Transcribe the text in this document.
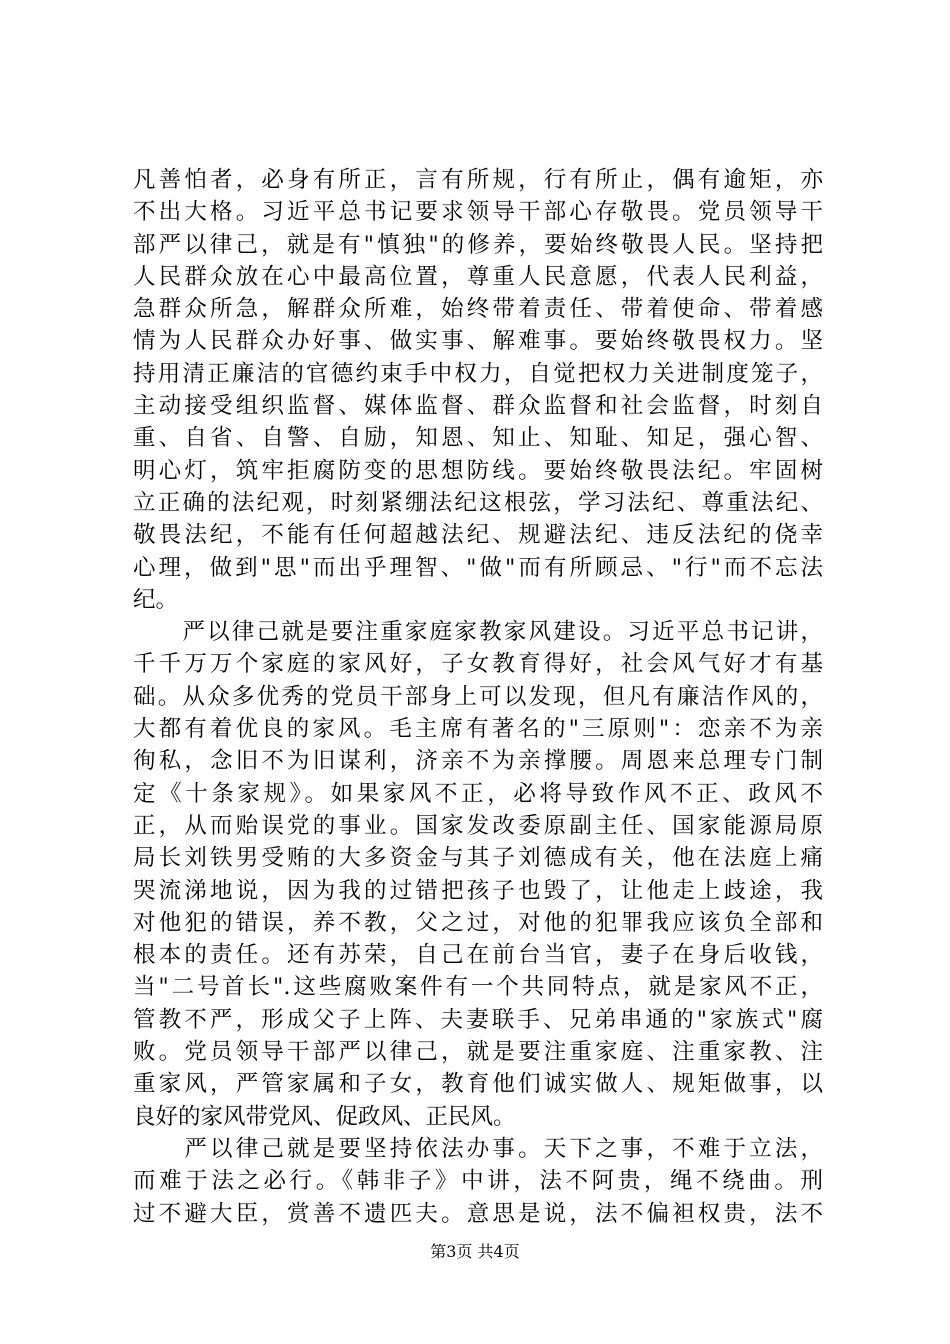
凡善怕者，必身有所正，言有所规，行有所止，偶有逾矩，亦
不出大格。习近平总书记要求领导干部心存敬畏。党员领导干
部严以律己，就是有"慎独"的修养，要始终敬畏人民。坚持把
人民群众放在心中最高位置，尊重人民意愿，代表人民利益，
急群众所急，解群众所难，始终带着责任、带着使命、带着感
情为人民群众办好事、做实事、解难事。要始终敬畏权力。坚
持用清正廉洁的官德约束手中权力，自觉把权力关进制度笼子，
主动接受组织监督、媒体监督、群众监督和社会监督，时刻自
重、自省、自警、自励，知恩、知止、知耻、知足，强心智、
明心灯，筑牢拒腐防变的思想防线。要始终敬畏法纪。牢固树
立正确的法纪观，时刻紧绷法纪这根弦，学习法纪、尊重法纪、
敬畏法纪，不能有任何超越法纪、规避法纪、违反法纪的侥幸
心理，做到"思"而出乎理智、"做"而有所顾忌、"行"而不忘法
纪。
　　严以律己就是要注重家庭家教家风建设。习近平总书记讲，
千千万万个家庭的家风好，子女教育得好，社会风气好才有基
础。从众多优秀的党员干部身上可以发现，但凡有廉洁作风的，
大都有着优良的家风。毛主席有著名的"三原则"：恋亲不为亲
徇私，念旧不为旧谋利，济亲不为亲撑腰。周恩来总理专门制
定《十条家规》。如果家风不正，必将导致作风不正、政风不
正，从而贻误党的事业。国家发改委原副主任、国家能源局原
局长刘铁男受贿的大多资金与其子刘德成有关，他在法庭上痛
哭流涕地说，因为我的过错把孩子也毁了，让他走上歧途，我
对他犯的错误，养不教，父之过，对他的犯罪我应该负全部和
根本的责任。还有苏荣，自己在前台当官，妻子在身后收钱，
当"二号首长".这些腐败案件有一个共同特点，就是家风不正，
管教不严，形成父子上阵、夫妻联手、兄弟串通的"家族式"腐
败。党员领导干部严以律己，就是要注重家庭、注重家教、注
重家风，严管家属和子女，教育他们诚实做人、规矩做事，以
良好的家风带党风、促政风、正民风。
　　严以律己就是要坚持依法办事。天下之事，不难于立法，
而难于法之必行。《韩非子》中讲，法不阿贵，绳不绕曲。刑
过不避大臣，赏善不遗匹夫。意思是说，法不偏袒权贵，法不
第3页 共4页
